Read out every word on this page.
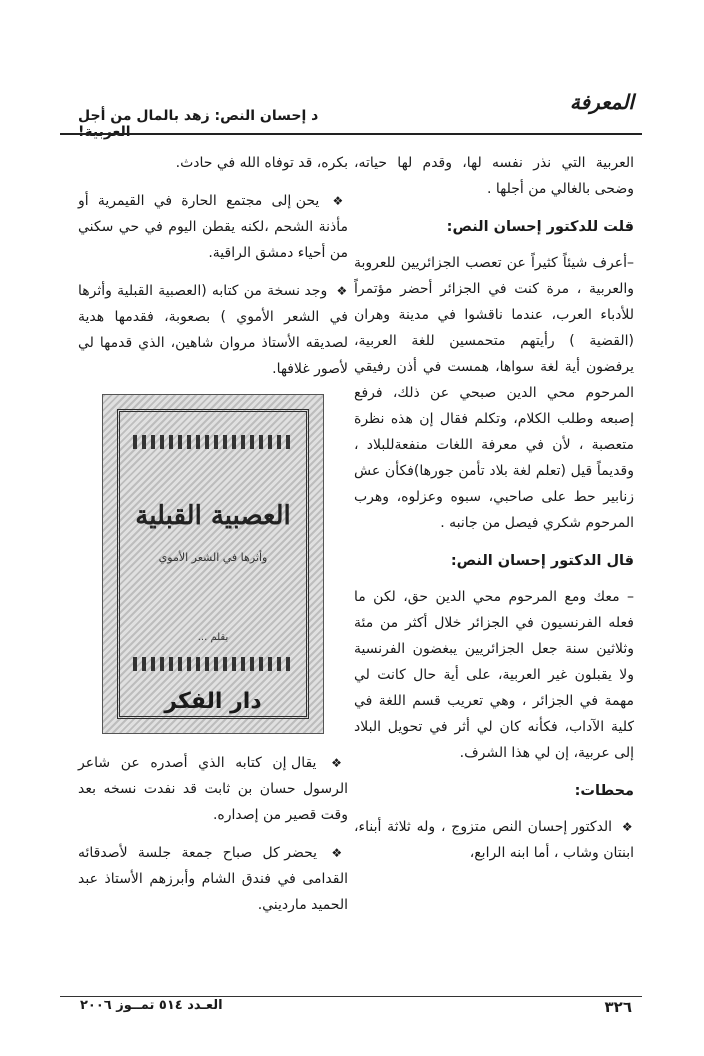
المعرفة
د إحسان النص: زهد بالمال من أجل العربية!

العربية التي نذر نفسه لها، وقدم لها حياته، وضحى بالغالي من أجلها .

قلت للدكتور إحسان النص:

–أعرف شيئاً كثيراً عن تعصب الجزائريين للعروبة والعربية ، مرة كنت في الجزائر أحضر مؤتمراً للأدباء العرب، عندما ناقشوا في مدينة وهران (القضية ) رأيتهم متحمسين للغة العربية، يرفضون أية لغة سواها، همست في أذن رفيقي المرحوم محي الدين صبحي عن ذلك، فرفع إصبعه وطلب الكلام، وتكلم فقال إن هذه نظرة متعصبة ، لأن في معرفة اللغات منفعةللبلاد ، وقديماً قيل (تعلم لغة بلاد تأمن جورها)فكأن عش زنابير حط على صاحبي، سبوه وعزلوه، وهرب المرحوم شكري فيصل من جانبه .

قال الدكتور إحسان النص:

– معك ومع المرحوم محي الدين حق، لكن ما فعله الفرنسيون في الجزائر خلال أكثر من مئة وثلاثين سنة جعل الجزائريين يبغضون الفرنسية ولا يقبلون غير العربية، على أية حال كانت لي مهمة في الجزائر ، وهي تعريب قسم اللغة في كلية الآداب، فكأنه كان لي أثر في تحويل البلاد إلى عربية، إن لي هذا الشرف.

محطات:

❖ الدكتور إحسان النص متزوج ، وله ثلاثة أبناء، ابنتان وشاب ، أما ابنه الرابع،

بكره، قد توفاه الله في حادث.

❖ يحن إلى مجتمع الحارة في القيمرية أو مأذنة الشحم ،لكنه يقطن اليوم في حي سكني من أحياء دمشق الراقية.

❖ وجد نسخة من كتابه (العصبية القبلية وأثرها في الشعر الأموي ) بصعوبة، فقدمها هدية لصديقه الأستاذ مروان شاهين، الذي قدمها لي لأصور غلافها.

العصبية القبلية
وأثرها في الشعر الأموي
بقلم ...
دار الفكر

❖ يقال إن كتابه الذي أصدره عن شاعر الرسول حسان بن ثابت قد نفدت نسخه بعد وقت قصير من إصداره.

❖ يحضر كل صباح جمعة جلسة لأصدقائه القدامى في فندق الشام وأبرزهم الأستاذ عبد الحميد مارديني.

٣٢٦
العـدد ٥١٤ تمــوز ٢٠٠٦
